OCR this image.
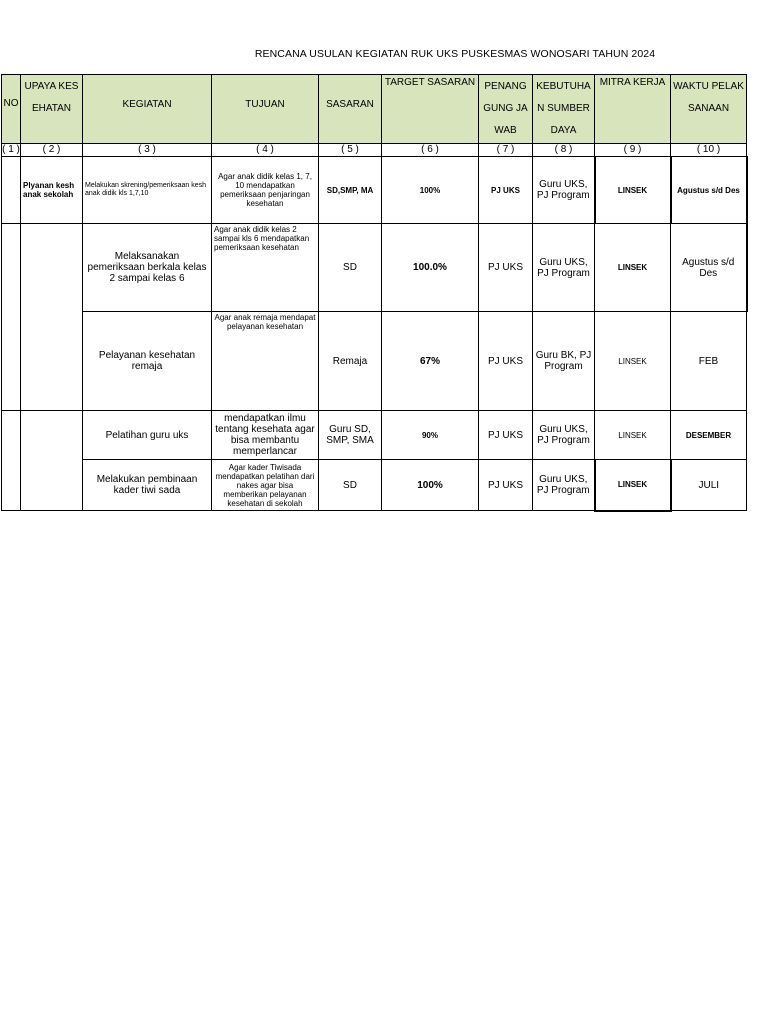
RENCANA USULAN KEGIATAN RUK UKS PUSKESMAS WONOSARI TAHUN 2024
NO	UPAYA KESEHATAN	KEGIATAN	TUJUAN	SASARAN	TARGET SASARAN	PENANGGUNG JAWAB	KEBUTUHAN SUMBER DAYA	MITRA KERJA	WAKTU PELAKSANAAN
( 1 )	( 2 )	( 3 )	( 4 )	( 5 )	( 6 )	( 7 )	( 8 )	( 9 )	( 10 )
	Plyanan kesh anak sekolah	Melakukan skrening/pemeriksaan kesh anak didik kls 1,7,10	Agar anak didik kelas 1, 7, 10 mendapatkan pemeriksaan penjaringan kesehatan	SD,SMP, MA	100%	PJ UKS	Guru UKS, PJ Program	LINSEK	Agustus s/d Des
		Melaksanakan pemeriksaan berkala kelas 2 sampai kelas 6	Agar anak didik kelas 2 sampai kls 6 mendapatkan pemeriksaan kesehatan	SD	100.0%	PJ UKS	Guru UKS, PJ Program	LINSEK	Agustus s/d Des
		Pelayanan kesehatan remaja	Agar anak remaja mendapat pelayanan kesehatan	Remaja	67%	PJ UKS	Guru BK, PJ Program	LINSEK	FEB
		Pelatihan guru uks	mendapatkan ilmu tentang kesehata agar bisa membantu memperlancar	Guru SD, SMP, SMA	90%	PJ UKS	Guru UKS, PJ Program	LINSEK	DESEMBER
		Melakukan pembinaan kader tiwi sada	Agar kader Tiwisada mendapatkan pelatihan dari nakes agar bisa memberikan pelayanan kesehatan di sekolah	SD	100%	PJ UKS	Guru UKS, PJ Program	LINSEK	JULI
